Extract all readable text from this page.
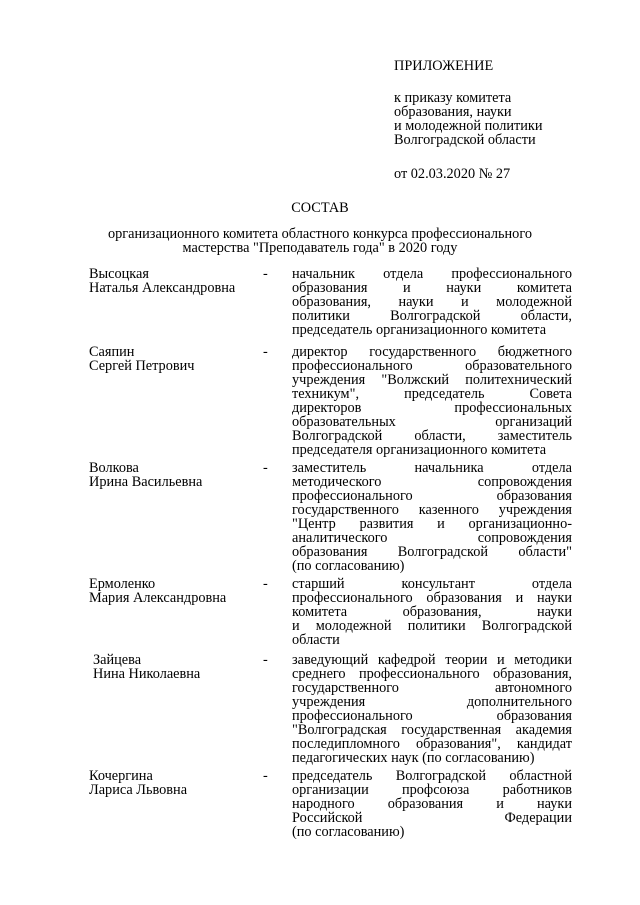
ПРИЛОЖЕНИЕ
к приказу комитета
образования, науки
и молодежной политики
Волгоградской области
от 02.03.2020 № 27
СОСТАВ
организационного комитета областного конкурса профессионального
мастерства "Преподаватель года" в 2020 году
Высоцкая
Наталья Александровна
- начальник отдела профессионального
образования и науки комитета
образования, науки и молодежной
политики Волгоградской области,
председатель организационного комитета
Саяпин
Сергей Петрович
- директор государственного бюджетного
профессионального образовательного
учреждения "Волжский политехнический
техникум", председатель Совета
директоров профессиональных
образовательных организаций
Волгоградской области, заместитель
председателя организационного комитета
Волкова
Ирина Васильевна
- заместитель начальника отдела
методического сопровождения
профессионального образования
государственного казенного учреждения
"Центр развития и организационно-
аналитического сопровождения
образования Волгоградской области"
(по согласованию)
Ермоленко
Мария Александровна
- старший консультант отдела
профессионального образования и науки
комитета образования, науки
и молодежной политики Волгоградской
области
Зайцева
Нина Николаевна
- заведующий кафедрой теории и методики
среднего профессионального образования,
государственного автономного
учреждения дополнительного
профессионального образования
"Волгоградская государственная академия
последипломного образования", кандидат
педагогических наук (по согласованию)
Кочергина
Лариса Львовна
- председатель Волгоградской областной
организации профсоюза работников
народного образования и науки
Российской Федерации
(по согласованию)
